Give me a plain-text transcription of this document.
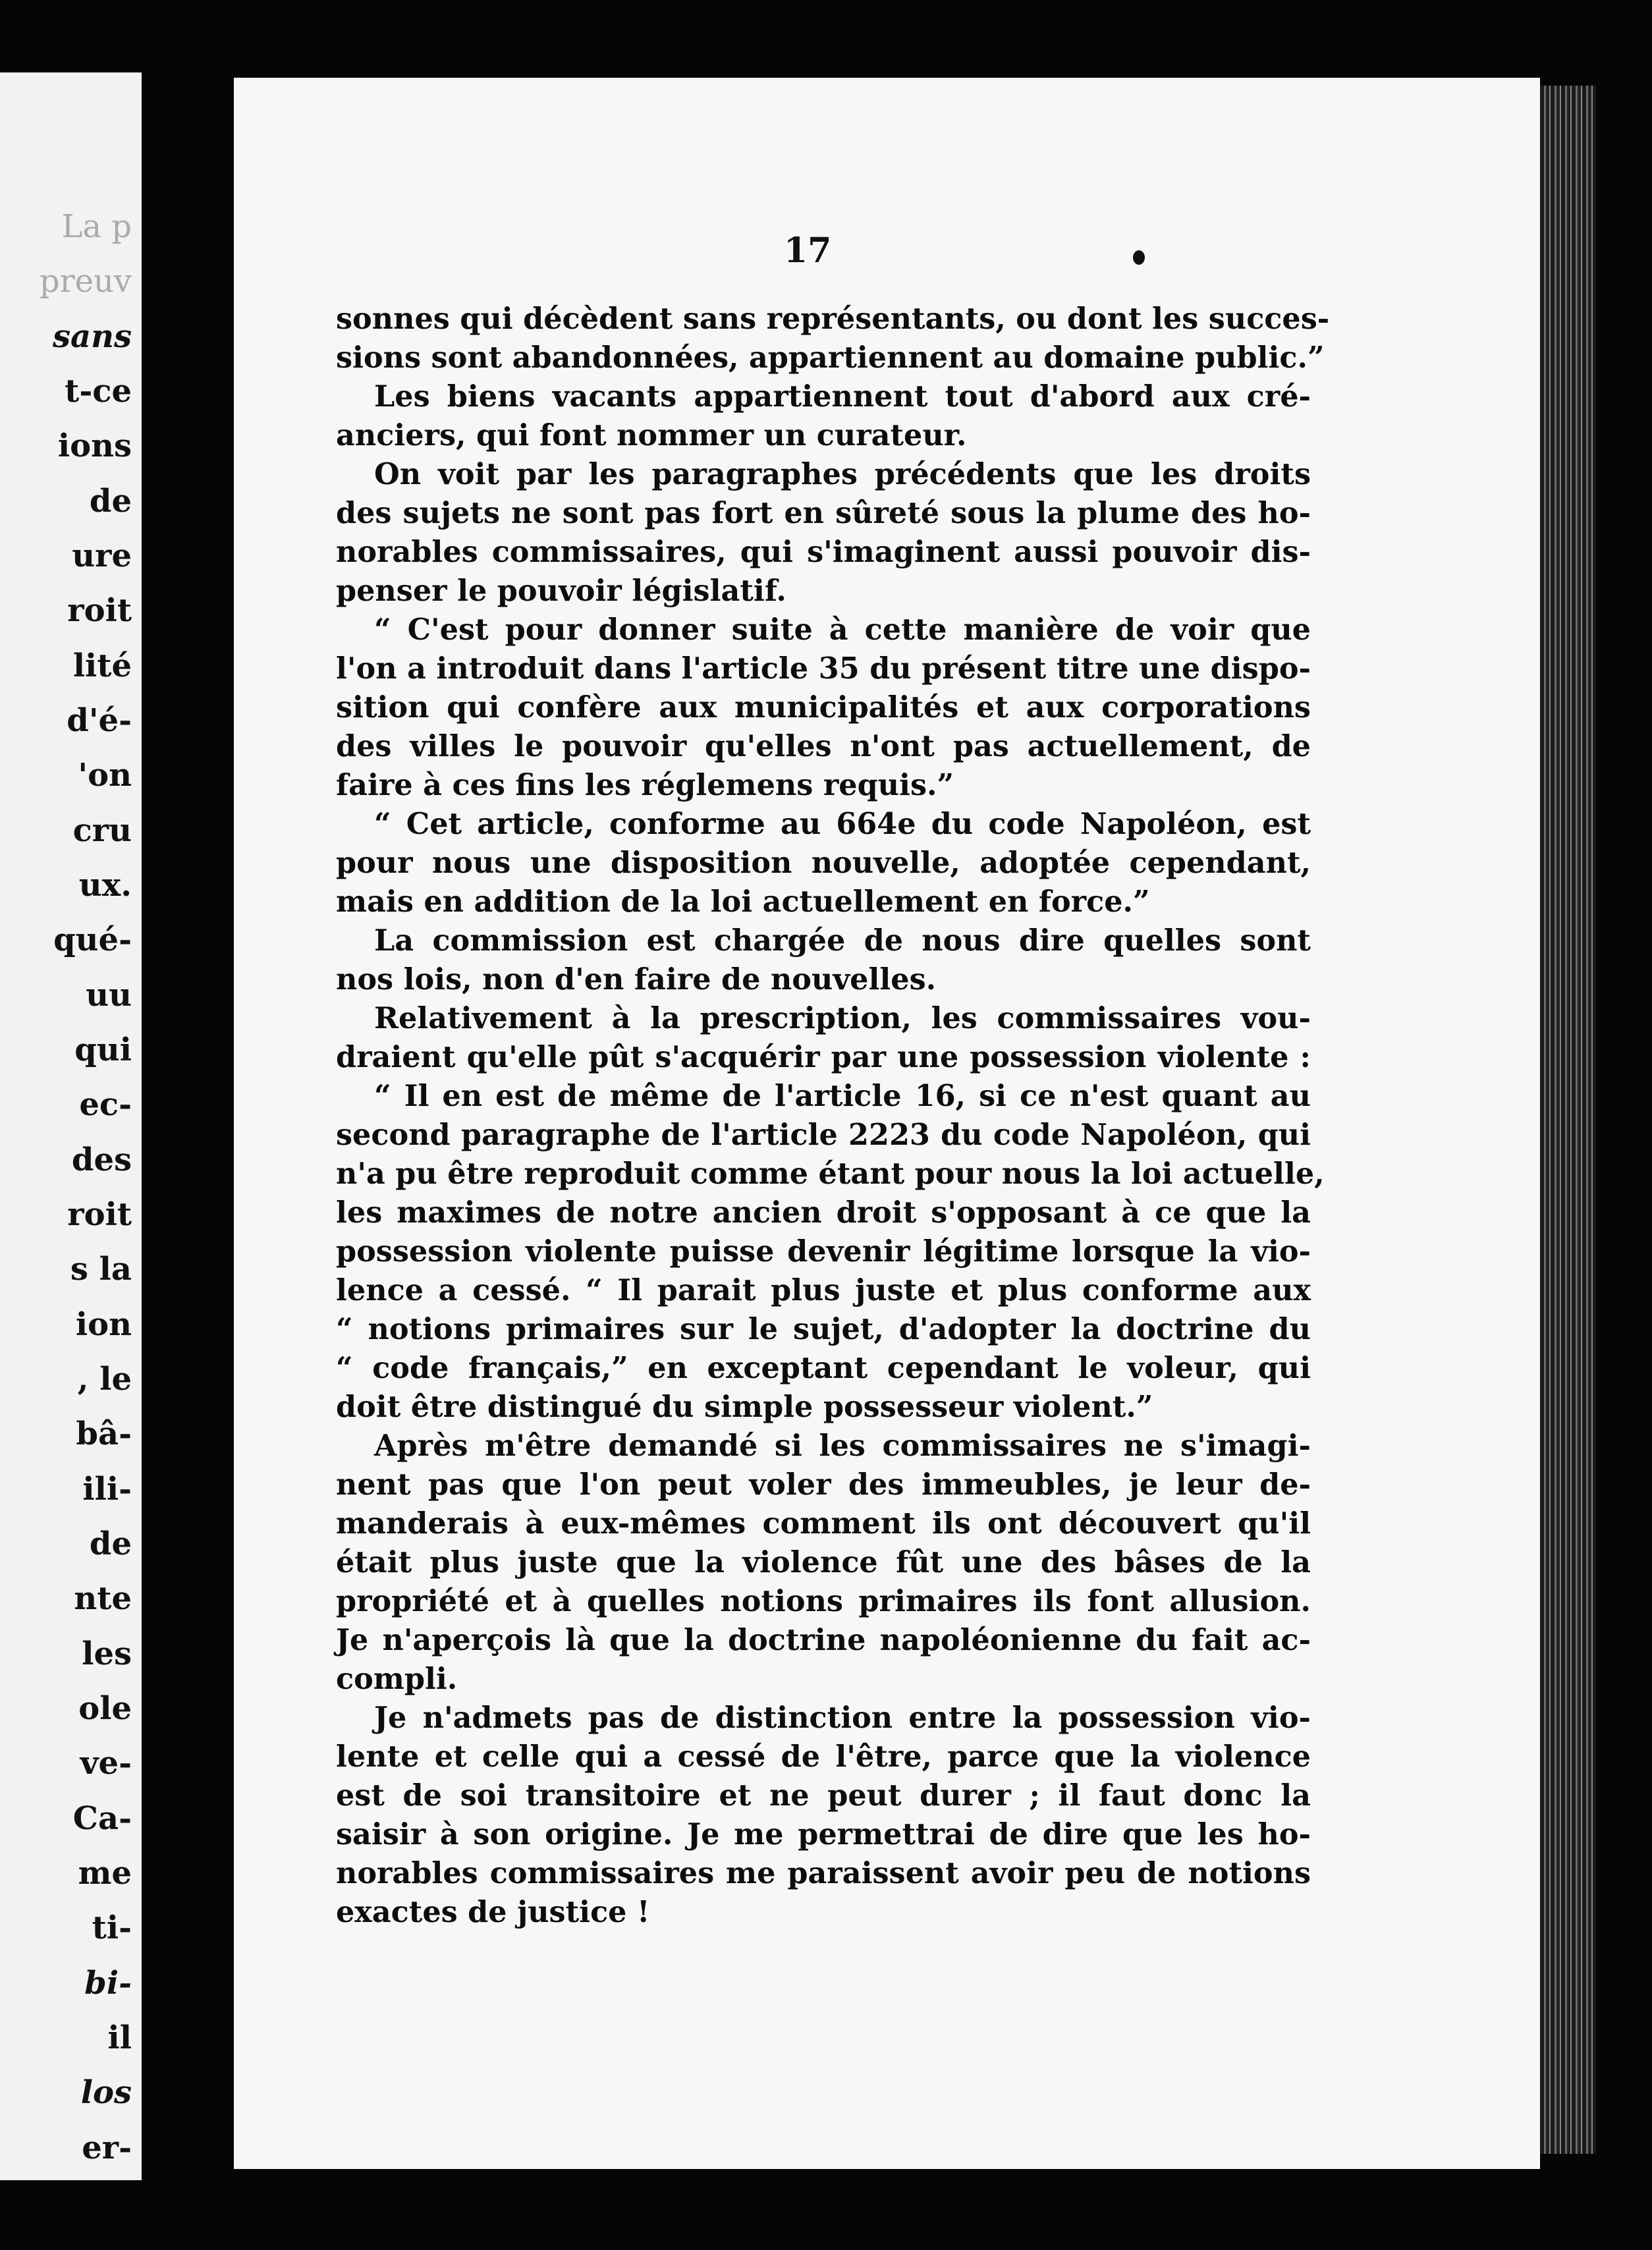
La p
preuv
sans
t-ce
ions
de
ure
roit
lité
d'é-
'on
cru
ux.
qué-
uu
qui
ec-
des
roit
s la
ion
, le
bâ-
ili-
de
nte
les
ole
ve-
Ca-
me
ti-
bi-
il
los
er-
17
sonnes qui décèdent sans représentants, ou dont les succes-
sions sont abandonnées, appartiennent au domaine public.”
Les biens vacants appartiennent tout d'abord aux cré-
anciers, qui font nommer un curateur.
On voit par les paragraphes précédents que les droits
des sujets ne sont pas fort en sûreté sous la plume des ho-
norables commissaires, qui s'imaginent aussi pouvoir dis-
penser le pouvoir législatif.
“ C'est pour donner suite à cette manière de voir que
l'on a introduit dans l'article 35 du présent titre une dispo-
sition qui confère aux municipalités et aux corporations
des villes le pouvoir qu'elles n'ont pas actuellement, de
faire à ces fins les réglemens requis.”
“ Cet article, conforme au 664e du code Napoléon, est
pour nous une disposition nouvelle, adoptée cependant,
mais en addition de la loi actuellement en force.”
La commission est chargée de nous dire quelles sont
nos lois, non d'en faire de nouvelles.
Relativement à la prescription, les commissaires vou-
draient qu'elle pût s'acquérir par une possession violente :
“ Il en est de même de l'article 16, si ce n'est quant au
second paragraphe de l'article 2223 du code Napoléon, qui
n'a pu être reproduit comme étant pour nous la loi actuelle,
les maximes de notre ancien droit s'opposant à ce que la
possession violente puisse devenir légitime lorsque la vio-
lence a cessé. “ Il parait plus juste et plus conforme aux
“ notions primaires sur le sujet, d'adopter la doctrine du
“ code français,” en exceptant cependant le voleur, qui
doit être distingué du simple possesseur violent.”
Après m'être demandé si les commissaires ne s'imagi-
nent pas que l'on peut voler des immeubles, je leur de-
manderais à eux-mêmes comment ils ont découvert qu'il
était plus juste que la violence fût une des bâses de la
propriété et à quelles notions primaires ils font allusion.
Je n'aperçois là que la doctrine napoléonienne du fait ac-
compli.
Je n'admets pas de distinction entre la possession vio-
lente et celle qui a cessé de l'être, parce que la violence
est de soi transitoire et ne peut durer ; il faut donc la
saisir à son origine. Je me permettrai de dire que les ho-
norables commissaires me paraissent avoir peu de notions
exactes de justice !
